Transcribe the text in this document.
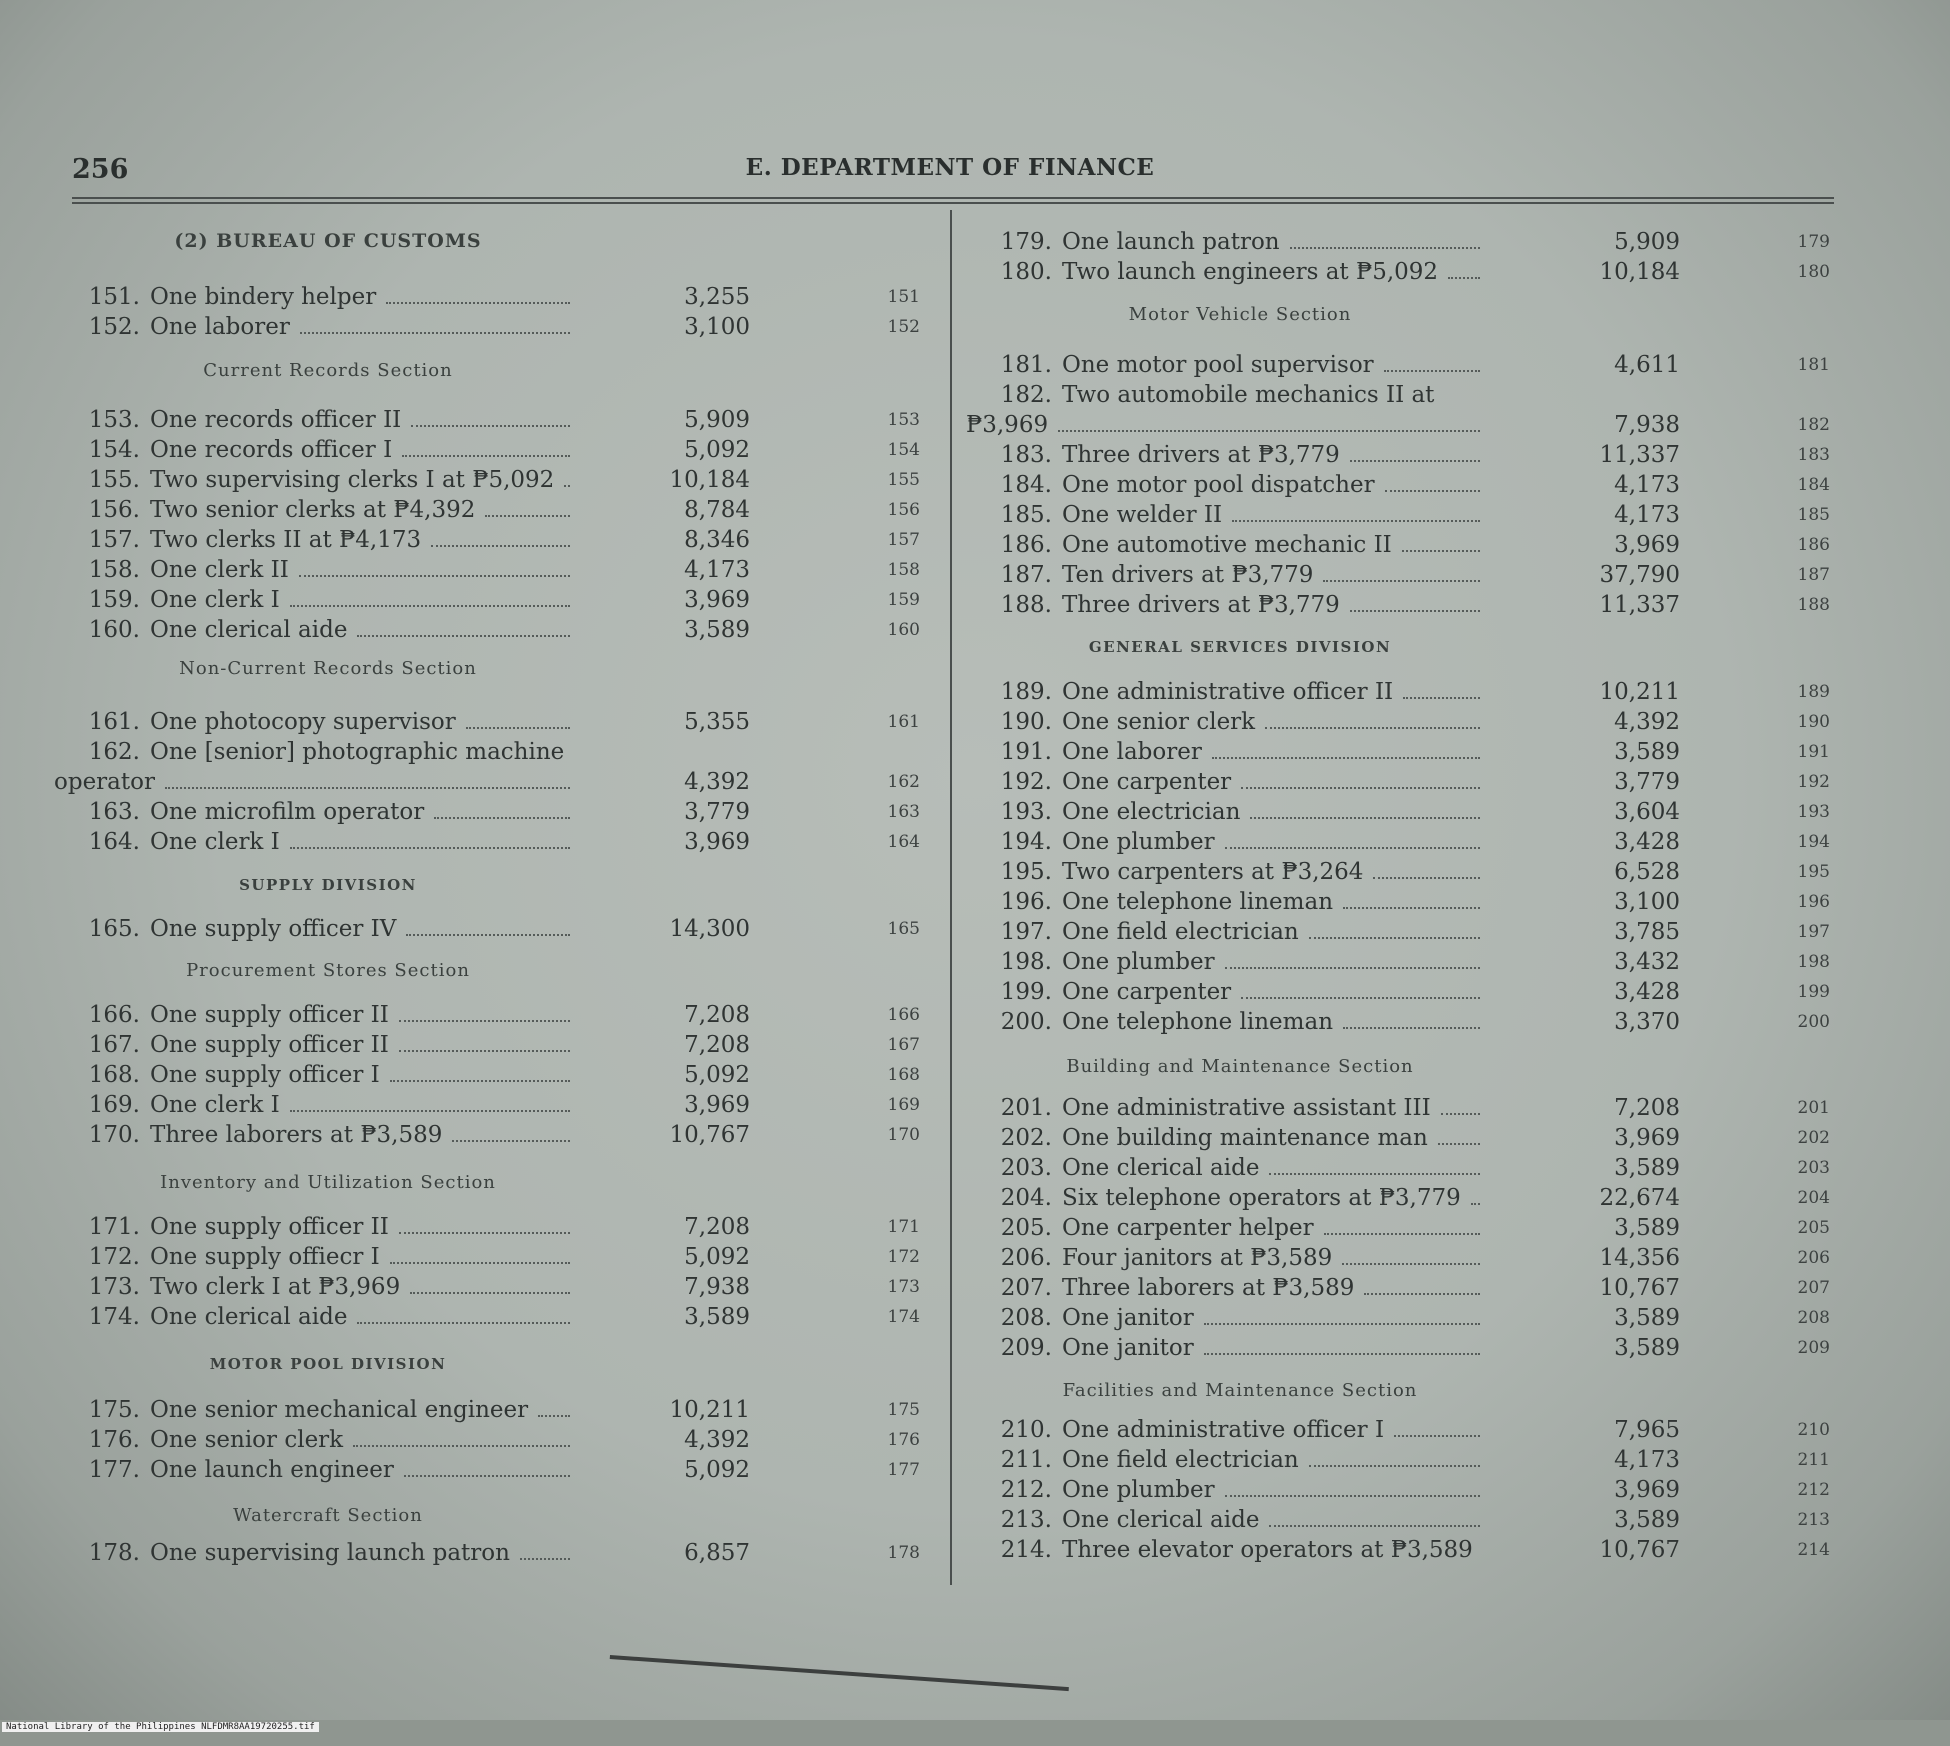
256	E. DEPARTMENT OF FINANCE
(2) BUREAU OF CUSTOMS
Current Records Section
Non-Current Records Section
SUPPLY DIVISION
Procurement Stores Section
Inventory and Utilization Section
MOTOR POOL DIVISION
Watercraft Section
151. One bindery helper	3,255	151
152. One laborer	3,100	152
153. One records officer II	5,909	153
154. One records officer I	5,092	154
155. Two supervising clerks I at ₱5,092	10,184	155
156. Two senior clerks at ₱4,392	8,784	156
157. Two clerks II at ₱4,173	8,346	157
158. One clerk II	4,173	158
159. One clerk I	3,969	159
160. One clerical aide	3,589	160
161. One photocopy supervisor	5,355	161
162. One [senior] photographic machine
operator	4,392	162
163. One microfilm operator	3,779	163
164. One clerk I	3,969	164
165. One supply officer IV	14,300	165
166. One supply officer II	7,208	166
167. One supply officer II	7,208	167
168. One supply officer I	5,092	168
169. One clerk I	3,969	169
170. Three laborers at ₱3,589	10,767	170
171. One supply officer II	7,208	171
172. One supply offiecr I	5,092	172
173. Two clerk I at ₱3,969	7,938	173
174. One clerical aide	3,589	174
175. One senior mechanical engineer	10,211	175
176. One senior clerk	4,392	176
177. One launch engineer	5,092	177
178. One supervising launch patron	6,857	178
Motor Vehicle Section
GENERAL SERVICES DIVISION
Building and Maintenance Section
Facilities and Maintenance Section
179. One launch patron	5,909	179
180. Two launch engineers at ₱5,092	10,184	180
181. One motor pool supervisor	4,611	181
182. Two automobile mechanics II at
₱3,969	7,938	182
183. Three drivers at ₱3,779	11,337	183
184. One motor pool dispatcher	4,173	184
185. One welder II	4,173	185
186. One automotive mechanic II	3,969	186
187. Ten drivers at ₱3,779	37,790	187
188. Three drivers at ₱3,779	11,337	188
189. One administrative officer II	10,211	189
190. One senior clerk	4,392	190
191. One laborer	3,589	191
192. One carpenter	3,779	192
193. One electrician	3,604	193
194. One plumber	3,428	194
195. Two carpenters at ₱3,264	6,528	195
196. One telephone lineman	3,100	196
197. One field electrician	3,785	197
198. One plumber	3,432	198
199. One carpenter	3,428	199
200. One telephone lineman	3,370	200
201. One administrative assistant III	7,208	201
202. One building maintenance man	3,969	202
203. One clerical aide	3,589	203
204. Six telephone operators at ₱3,779	22,674	204
205. One carpenter helper	3,589	205
206. Four janitors at ₱3,589	14,356	206
207. Three laborers at ₱3,589	10,767	207
208. One janitor	3,589	208
209. One janitor	3,589	209
210. One administrative officer I	7,965	210
211. One field electrician	4,173	211
212. One plumber	3,969	212
213. One clerical aide	3,589	213
214. Three elevator operators at ₱3,589	10,767	214
National Library of the Philippines NLFDMR8AA19720255.tif
